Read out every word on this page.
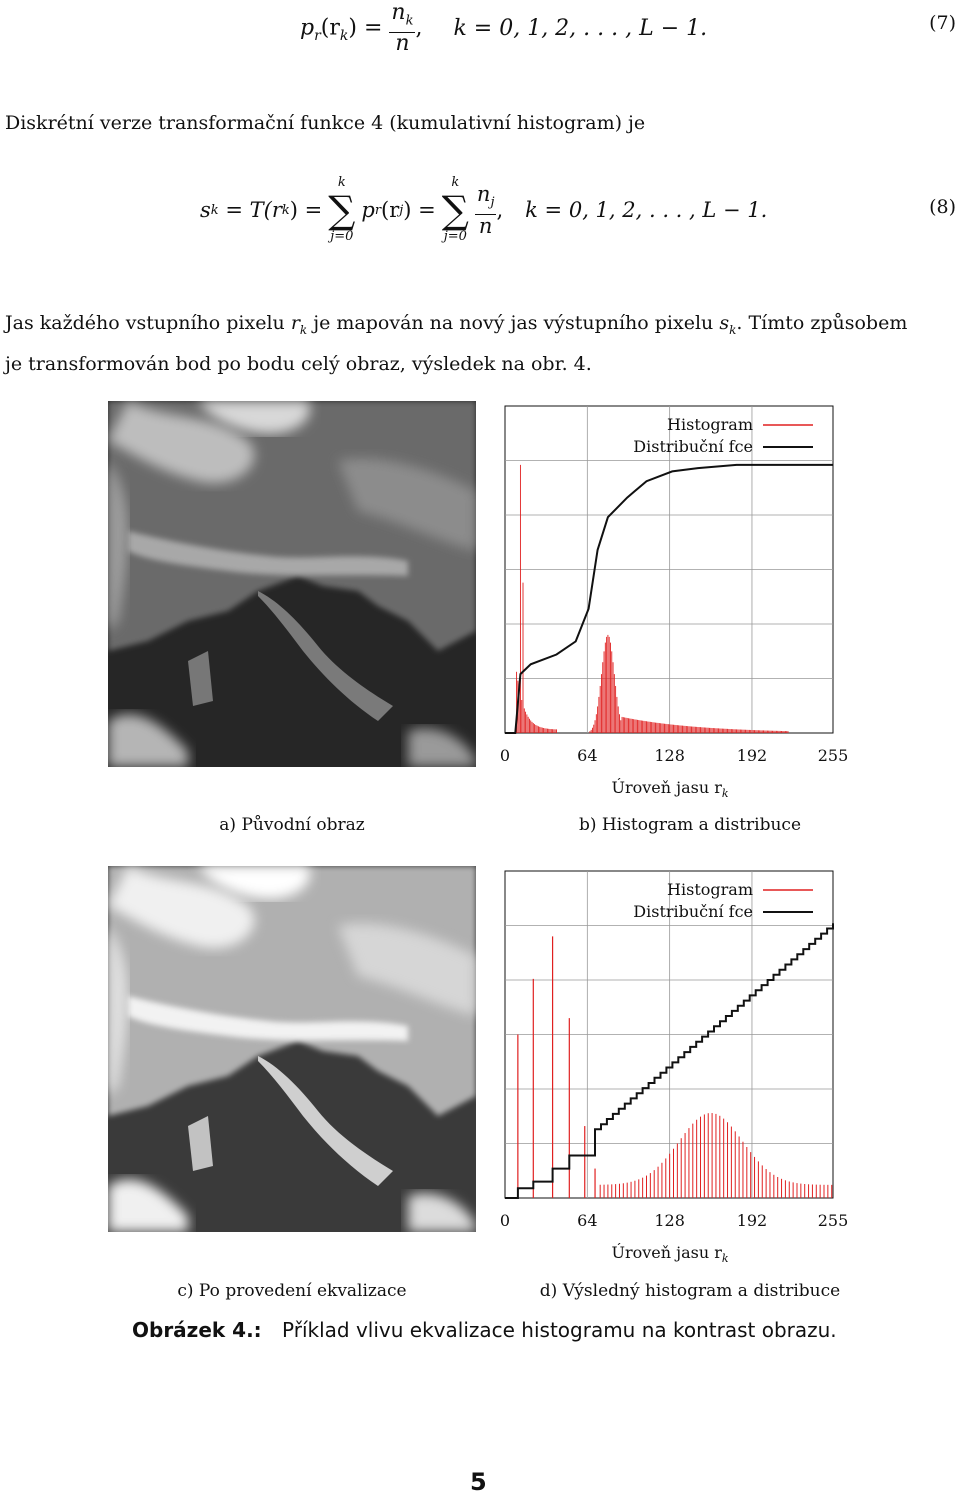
$p_r(r_k) = \frac{n_k}{n}$ , k = 0, 1, 2, . . . , L − 1.	(7)
Diskrétní verze transformační funkce 4 (kumulativní histogram) je
s k = T(r k ) =
k
∑
j=0
p r (r j ) =
k
∑
$j=0 \frac{n_j}{n}$ , k = 0, 1, 2, . . . , L − 1.	(8)
Jas každého vstupního pixelu $r_k$ je mapován na nový jas výstupního pixelu $s_k$. Tímto způsobem
je transformován bod po bodu celý obraz, výsledek na obr. 4.
Histogram
Distribuční fce
0	64	128	192	255
Úroveň jasu $r_k$
a) Původní obraz	b) Histogram a distribuce
Histogram
Distribuční fce
0	64	128	192	255
Úroveň jasu $r_k$
c) Po provedení ekvalizace	d) Výsledný histogram a distribuce
Obrázek 4.: Příklad vlivu ekvalizace histogramu na kontrast obrazu.
5
